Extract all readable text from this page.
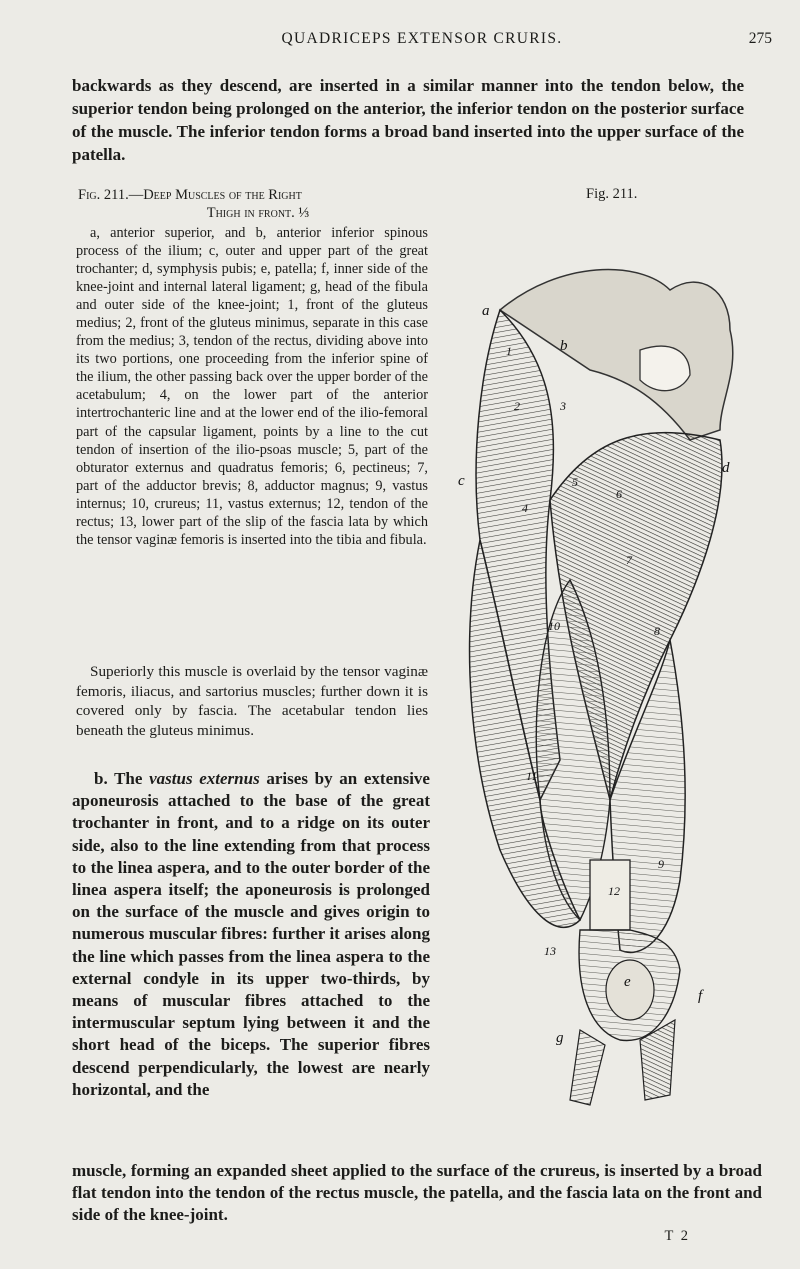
QUADRICEPS EXTENSOR CRURIS.	275

backwards as they descend, are inserted in a similar manner into the tendon below, the superior tendon being prolonged on the anterior, the inferior tendon on the posterior surface of the muscle. The inferior tendon forms a broad band inserted into the upper surface of the patella.

Fig. 211.—Deep Muscles of the Right
Thigh in front. ⅓
Fig. 211.

a, anterior superior, and b, anterior inferior spinous process of the ilium; c, outer and upper part of the great trochanter; d, symphysis pubis; e, patella; f, inner side of the knee-joint and internal lateral ligament; g, head of the fibula and outer side of the knee-joint; 1, front of the gluteus medius; 2, front of the gluteus minimus, separate in this case from the medius; 3, tendon of the rectus, dividing above into its two portions, one proceeding from the inferior spine of the ilium, the other passing back over the upper border of the acetabulum; 4, on the lower part of the anterior intertrochanteric line and at the lower end of the ilio-femoral part of the capsular ligament, points by a line to the cut tendon of insertion of the ilio-psoas muscle; 5, part of the obturator externus and quadratus femoris; 6, pectineus; 7, part of the adductor brevis; 8, adductor magnus; 9, vastus internus; 10, crureus; 11, vastus externus; 12, tendon of the rectus; 13, lower part of the slip of the fascia lata by which the tensor vaginæ femoris is inserted into the tibia and fibula.

Superiorly this muscle is overlaid by the tensor vaginæ femoris, iliacus, and sartorius muscles; further down it is covered only by fascia. The acetabular tendon lies beneath the gluteus minimus.

b. The vastus externus arises by an extensive aponeurosis attached to the base of the great trochanter in front, and to a ridge on its outer side, also to the line extending from that process to the linea aspera, and to the outer border of the linea aspera itself; the aponeurosis is prolonged on the surface of the muscle and gives origin to numerous muscular fibres: further it arises along the line which passes from the linea aspera to the external condyle in its upper two-thirds, by means of muscular fibres attached to the intermuscular septum lying between it and the short head of the biceps. The superior fibres descend perpendicularly, the lowest are nearly horizontal, and the

muscle, forming an expanded sheet applied to the surface of the crureus, is inserted by a broad flat tendon into the tendon of the rectus muscle, the patella, and the fascia lata on the front and side of the knee-joint.

T 2
a
b
c
d
e
f
g
1
2	3
4
5
6
7
8
9
10
11
12
13
